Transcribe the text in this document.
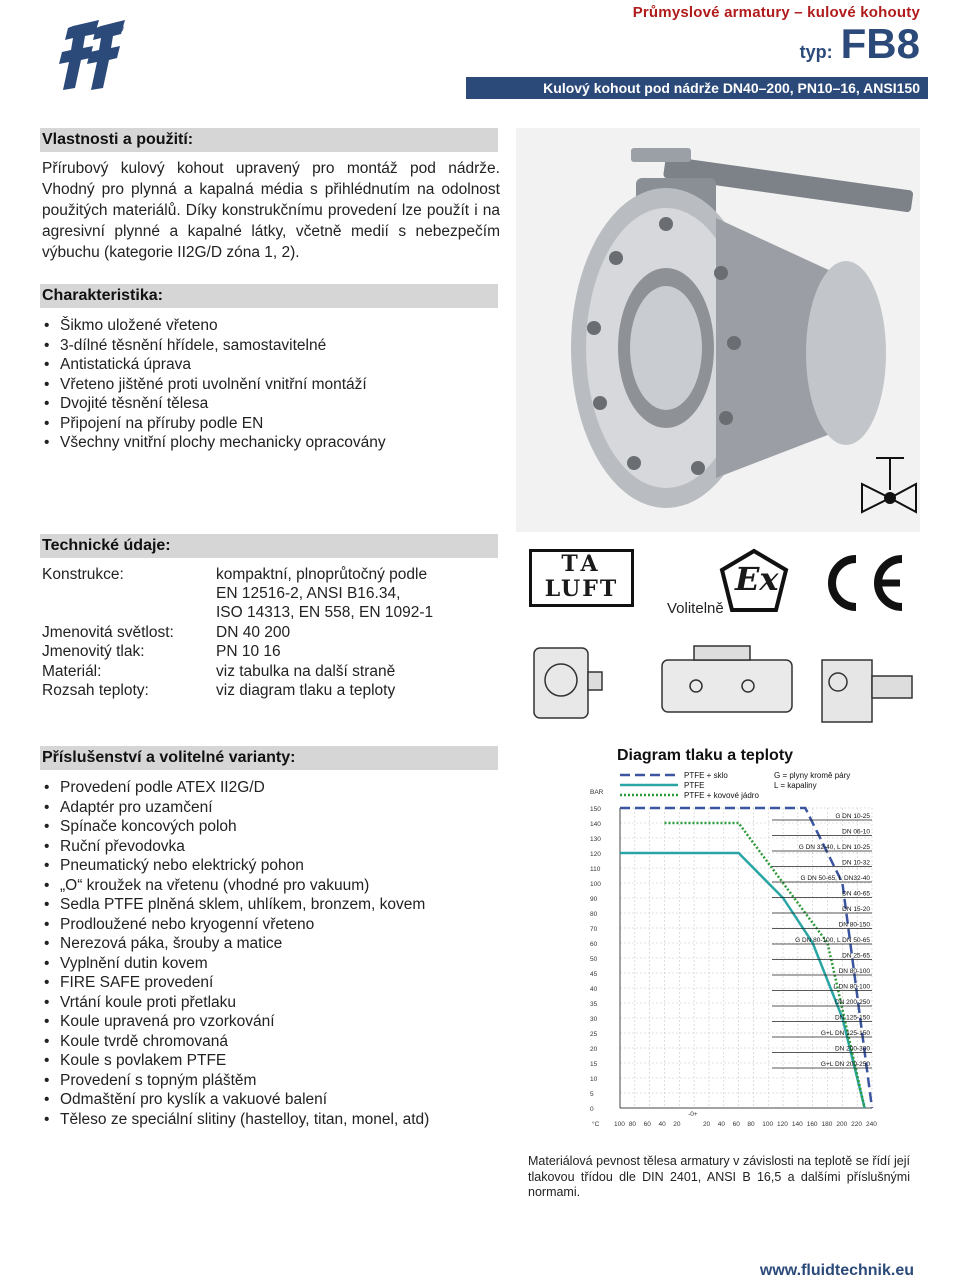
®
Průmyslové armatury – kulové kohouty
typ: FB8
Kulový kohout pod nádrže DN40–200, PN10–16, ANSI150
Vlastnosti a použití:
Přírubový kulový kohout upravený pro montáž pod nádrže. Vhodný pro plynná a kapalná média s přihlédnutím na odolnost použitých materiálů. Díky konstrukčnímu provedení lze použít i na agresivní plynné a kapalné látky, včetně medií s nebezpečím výbuchu (kategorie II2G/D zóna 1, 2).
Charakteristika:
• Šikmo uložené vřeteno
• 3-dílné těsnění hřídele, samostavitelné
• Antistatická úprava
• Vřeteno jištěné proti uvolnění vnitřní montáží
• Dvojité těsnění tělesa
• Připojení na příruby podle EN
• Všechny vnitřní plochy mechanicky opracovány
Technické údaje:
Konstrukce:	kompaktní, plnoprůtočný podle
EN 12516-2, ANSI B16.34,
ISO 14313, EN 558, EN 1092-1
Jmenovitá světlost:	DN 40 200
Jmenovitý tlak:	PN 10 16
Materiál:	viz tabulka na další straně
Rozsah teploty:	viz diagram tlaku a teploty
TA
LUFT	Ex
Volitelně
Příslušenství a volitelné varianty:
• Provedení podle ATEX II2G/D
• Adaptér pro uzamčení
• Spínače koncových poloh
• Ruční převodovka
• Pneumatický nebo elektrický pohon
• „O“ kroužek na vřetenu (vhodné pro vakuum)
• Sedla PTFE plněná sklem, uhlíkem, bronzem, kovem
• Prodloužené nebo kryogenní vřeteno
• Nerezová páka, šrouby a matice
• Vyplnění dutin kovem
• FIRE SAFE provedení
• Vrtání koule proti přetlaku
• Koule upravená pro vzorkování
• Koule tvrdě chromovaná
• Koule s povlakem PTFE
• Provedení s topným pláštěm
• Odmaštění pro kyslík a vakuové balení
• Těleso ze speciální slitiny (hastelloy, titan, monel, atd)
Diagram tlaku a teploty
150
140
130
120
110
100
90
80
70
60
50
45
40
35
30
25
20
15
10
5
0
BAR
°C 100 80 60 40 20
-0+
20 40 60 80 100 120 140 160 180 200 220 240
PTFE + sklo
PTFE
PTFE + kovové jádro
G = plyny kromě páry
L = kapaliny
G DN 10-25
DN 06-10
G DN 32-40, L DN 10-25
DN 10-32
G DN 50-65, L DN32-40
DN 40-65
DN 15-20
DN 80-150
G DN 80-100, L DN 50-65
DN 25-65
DN 80-100
L DN 80-100
DN 200-250
DN 125-150
G+L DN 125-150
DN 200-300
G+L DN 200-250
Materiálová pevnost tělesa armatury v závislosti na teplotě se řídí její tlakovou třídou dle DIN 2401, ANSI B 16,5 a dalšími příslušnými normami.
www.fluidtechnik.eu
